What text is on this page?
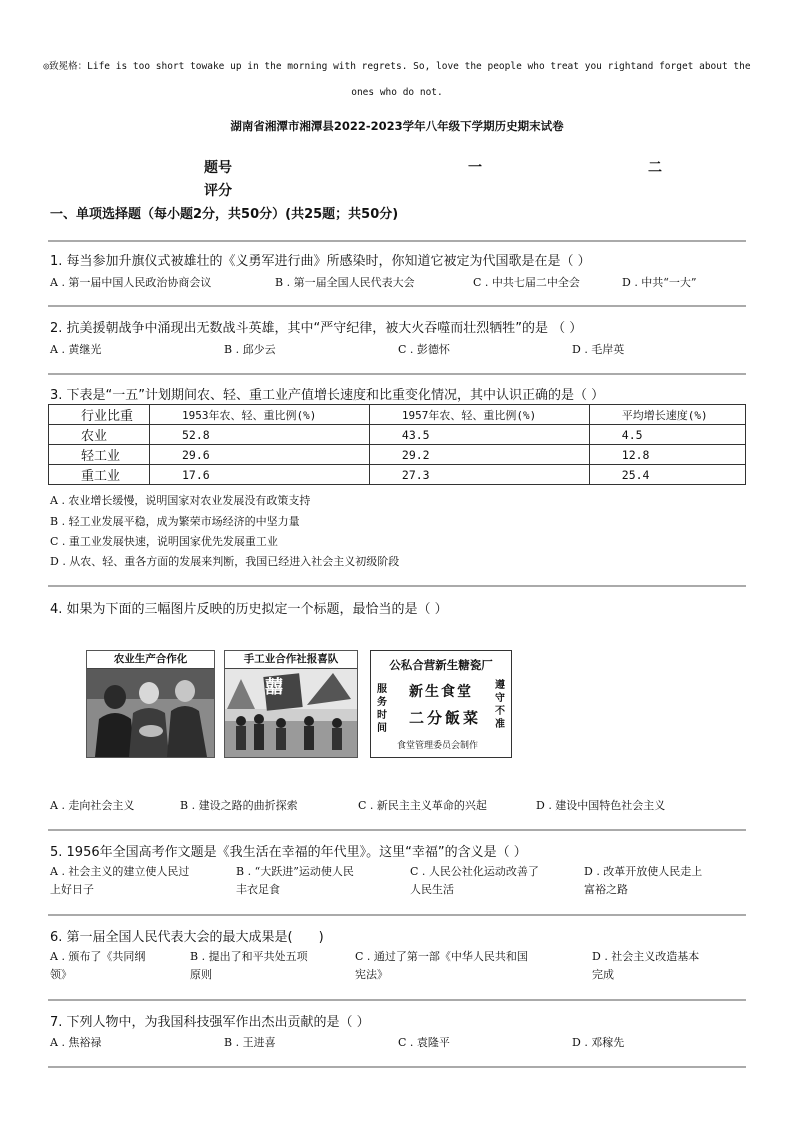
◎致冕格：Life is too short towake up in the morning with regrets. So, love the people who treat you rightand forget about the ones who do not.
湖南省湘潭市湘潭县2022-2023学年八年级下学期历史期末试卷
题号	一	二
评分
一、单项选择题（每小题2分，共50分）(共25题；共50分)
1. 每当参加升旗仪式被雄壮的《义勇军进行曲》所感染时，你知道它被定为代国歌是在是（ ）
A . 第一届中国人民政治协商会议	B . 第一届全国人民代表大会	C . 中共七届二中全会	D . 中共“一大”
2. 抗美援朝战争中涌现出无数战斗英雄，其中“严守纪律，被大火吞噬而壮烈牺牲”的是 （ ）
A . 黄继光	B . 邱少云	C . 彭德怀	D . 毛岸英
3. 下表是“一五”计划期间农、轻、重工业产值增长速度和比重变化情况，其中认识正确的是（ ）
行业比重	1953年农、轻、重比例(%)	1957年农、轻、重比例(%)	平均增长速度(%)
农业	52.8	43.5	4.5
轻工业	29.6	29.2	12.8
重工业	17.6	27.3	25.4
A . 农业增长缓慢，说明国家对农业发展没有政策支持
B . 轻工业发展平稳，成为繁荣市场经济的中坚力量
C . 重工业发展快速，说明国家优先发展重工业
D . 从农、轻、重各方面的发展来判断，我国已经进入社会主义初级阶段
4. 如果为下面的三幅图片反映的历史拟定一个标题，最恰当的是（ ）
农业生产合作化	手工业合作社报喜队
囍
公私合营新生糖瓷厂
新生食堂
二分飯菜
服务时间
遵守不准
食堂管理委员会制作
A . 走向社会主义	B . 建设之路的曲折探索	C . 新民主主义革命的兴起	D . 建设中国特色社会主义
5. 1956年全国高考作文题是《我生活在幸福的年代里》。这里“幸福”的含义是（ ）
A . 社会主义的建立使人民过
上好日子
B . “大跃进”运动使人民
丰衣足食
C . 人民公社化运动改善了
人民生活
D . 改革开放使人民走上
富裕之路
6. 第一届全国人民代表大会的最大成果是(　　)
A . 颁布了《共同纲
领》
B . 提出了和平共处五项
原则
C . 通过了第一部《中华人民共和国
宪法》
D . 社会主义改造基本
完成
7. 下列人物中，为我国科技强军作出杰出贡献的是（ ）
A . 焦裕禄	B . 王进喜	C . 袁隆平	D . 邓稼先
